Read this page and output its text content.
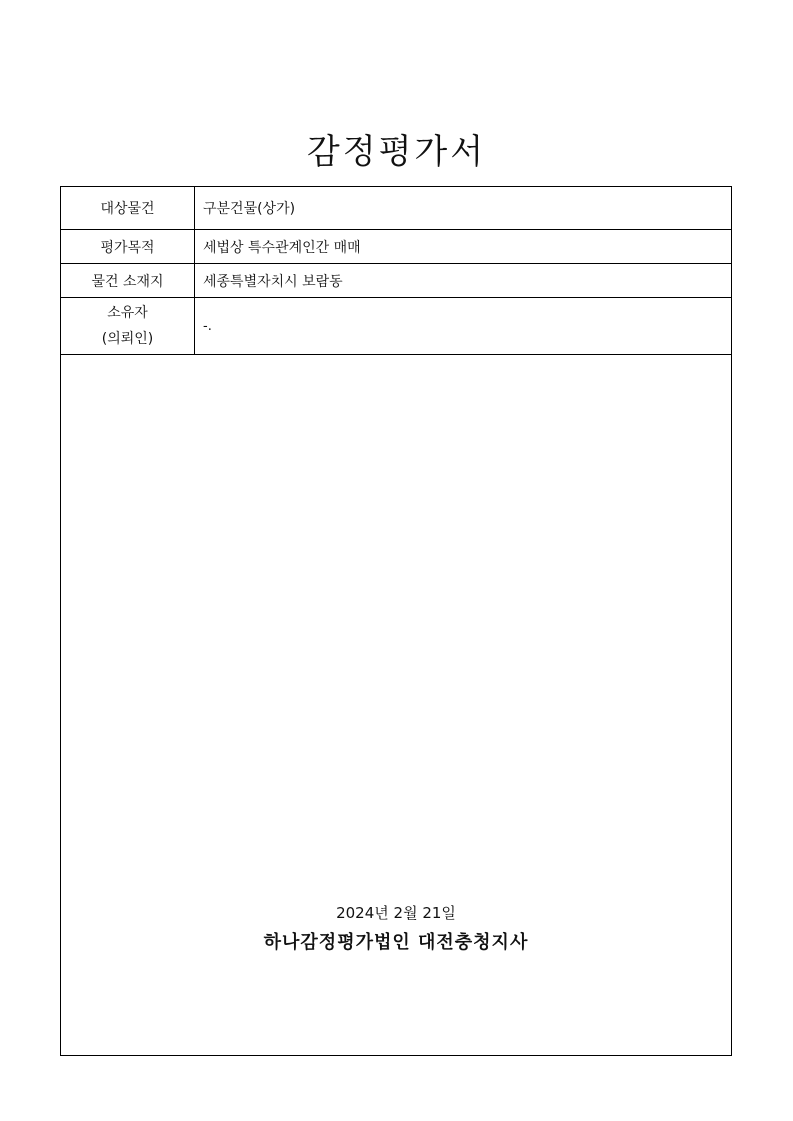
감정평가서
대상물건	구분건물(상가)
평가목적	세법상 특수관계인간 매매
물건 소재지	세종특별자치시 보람동

소유자
(의뢰인)	-.
2024년 2월 21일
하나감정평가법인 대전충청지사
